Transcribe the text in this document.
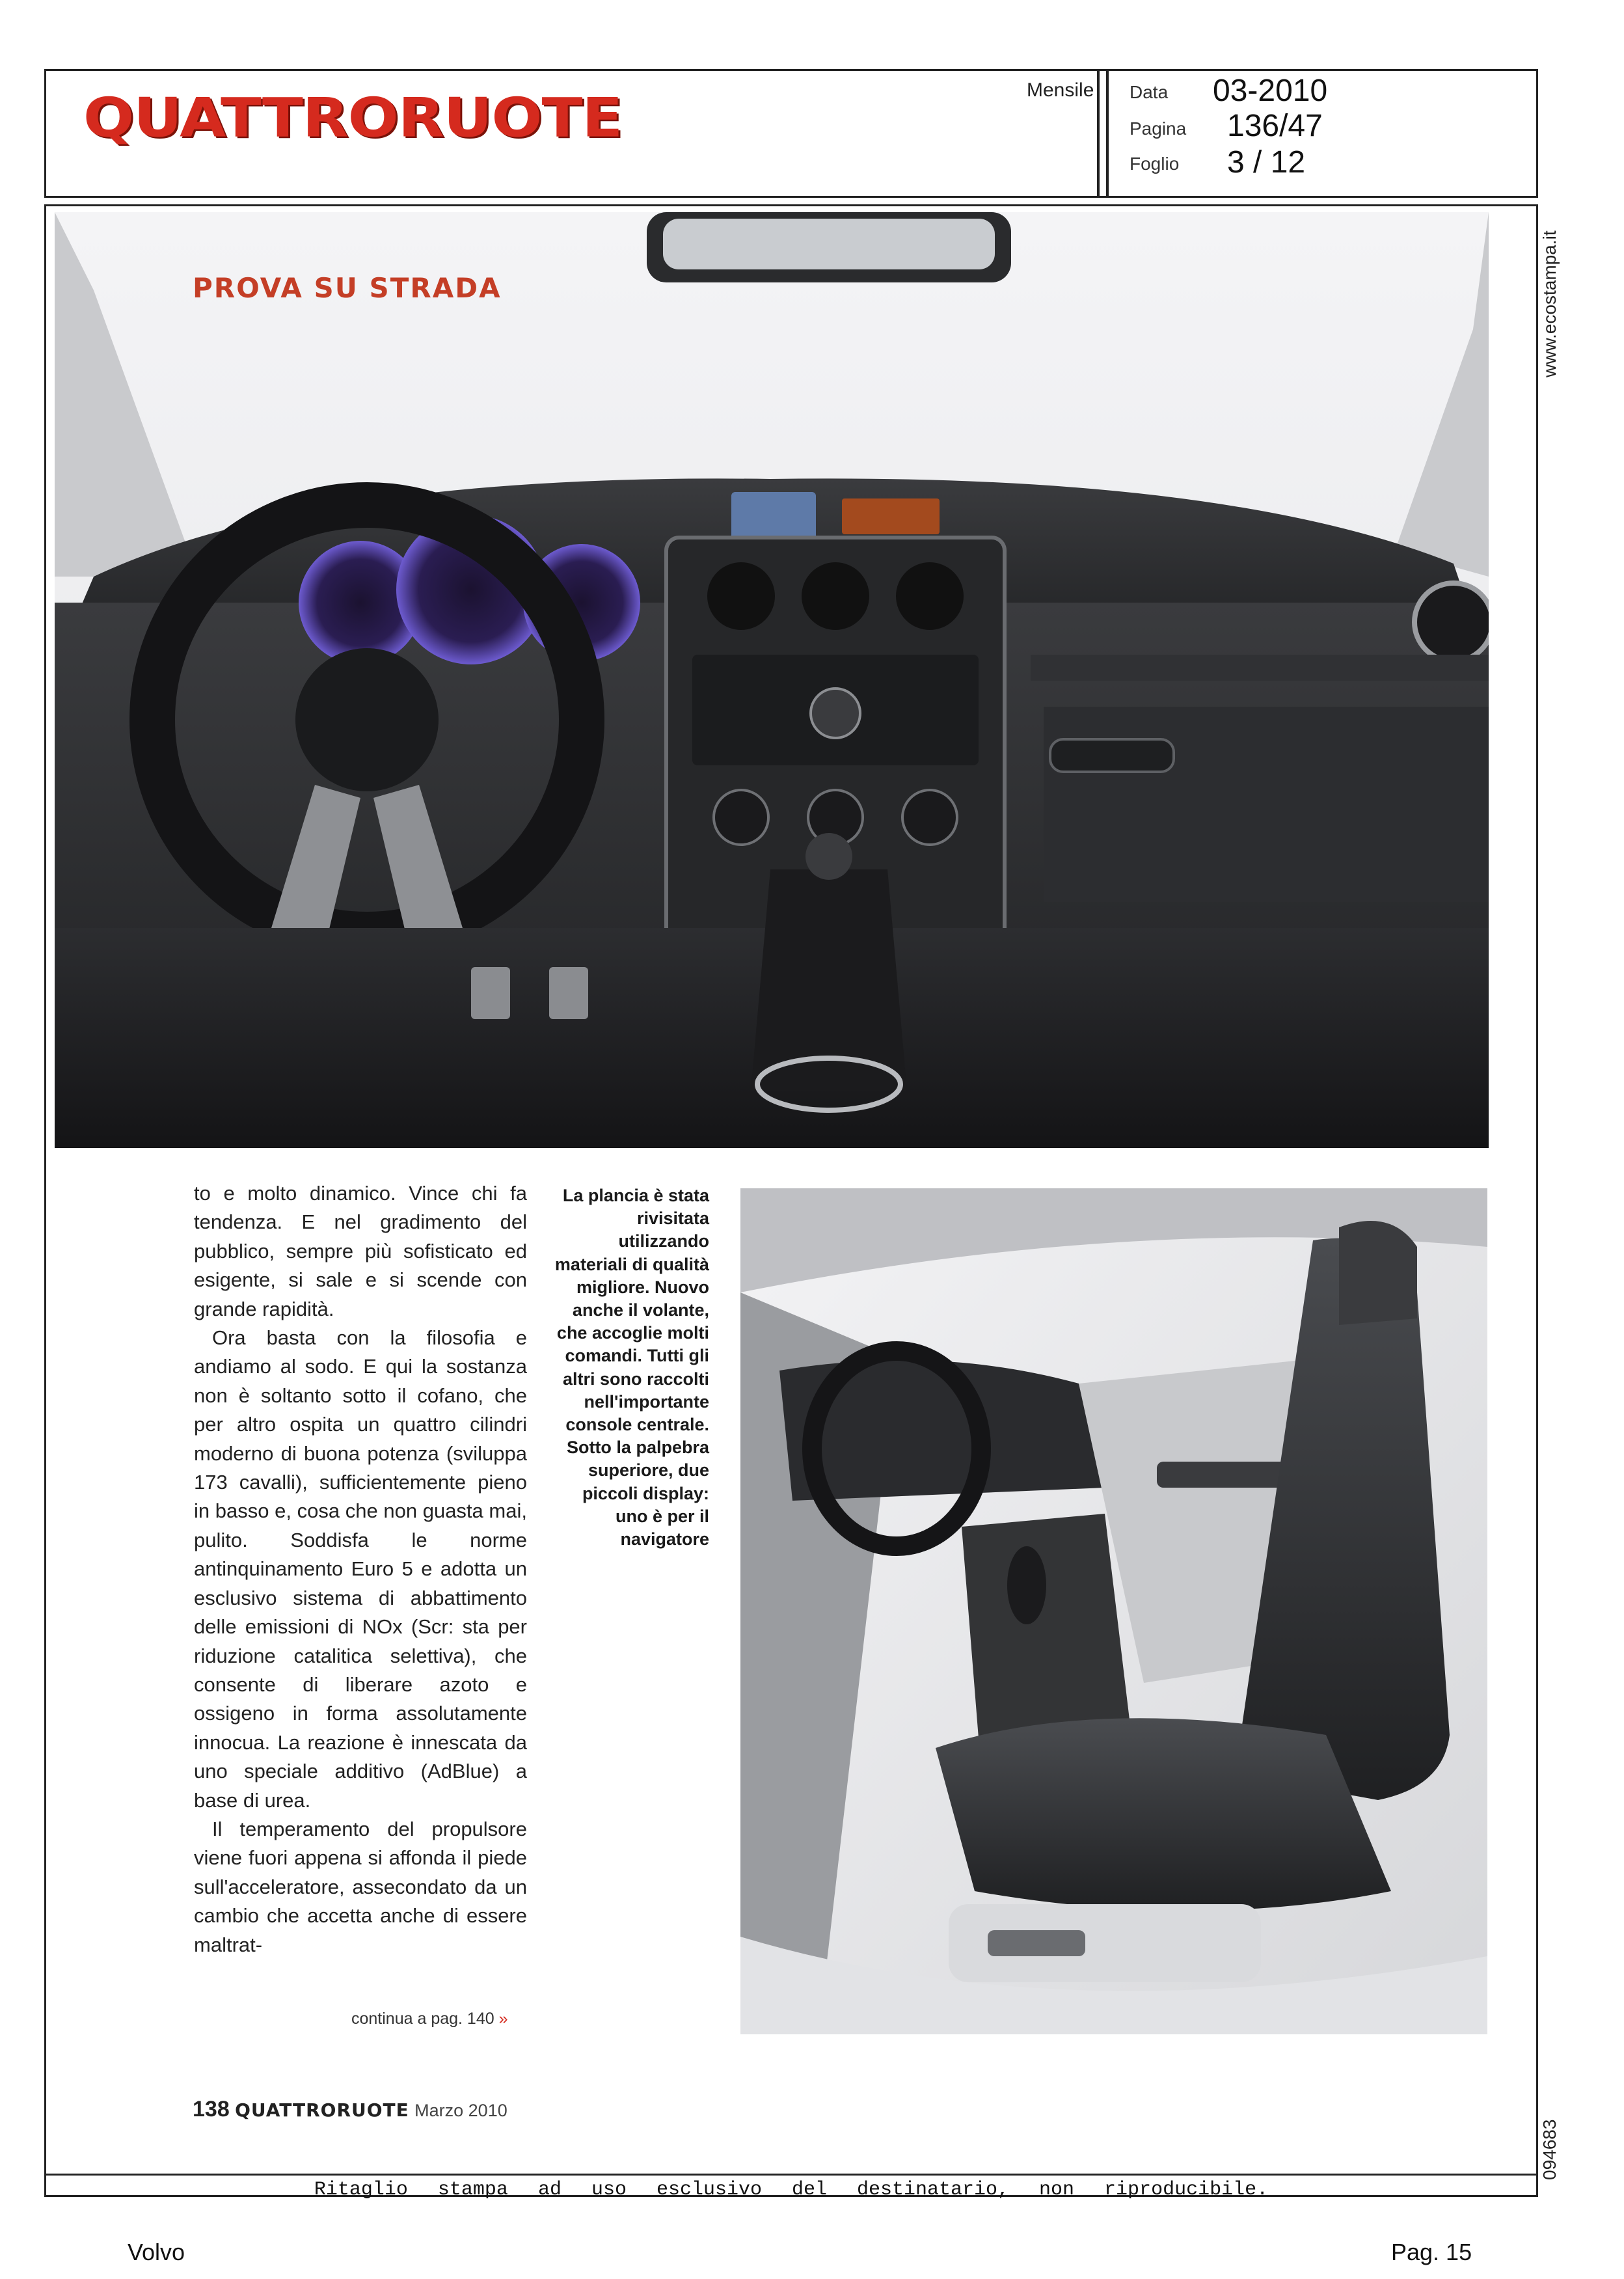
QUATTRORUOTE	Mensile Data 03-2010
Pagina 136/47
Foglio 3 / 12
www.ecostampa.it
094683
PROVA SU STRADA

to e molto dinamico. Vince chi fa tendenza. E nel gradimento del pubblico, sempre più sofisticato ed esigente, si sale e si scende con grande rapidità.

Ora basta con la filosofia e andiamo al sodo. E qui la sostanza non è soltanto sotto il cofano, che per altro ospita un quattro cilindri moderno di buona potenza (sviluppa 173 cavalli), sufficientemente pieno in basso e, cosa che non guasta mai, pulito. Soddisfa le norme antinquinamento Euro 5 e adotta un esclusivo sistema di abbattimento delle emissioni di NOx (Scr: sta per riduzione catalitica selettiva), che consente di liberare azoto e ossigeno in forma assolutamente innocua. La reazione è innescata da uno speciale additivo (AdBlue) a base di urea.

Il temperamento del propulsore viene fuori appena si affonda il piede sull'acceleratore, assecondato da un cambio che accetta anche di essere maltrat-

continua a pag. 140 »
La plancia è stata rivisitata utilizzando materiali di qualità migliore. Nuovo anche il volante, che accoglie molti comandi. Tutti gli altri sono raccolti nell'importante console centrale. Sotto la palpebra superiore, due piccoli display: uno è per il navigatore
138 QUATTRORUOTE Marzo 2010
Ritaglio stampa ad uso esclusivo del destinatario, non riproducibile.
Volvo	Pag. 15
